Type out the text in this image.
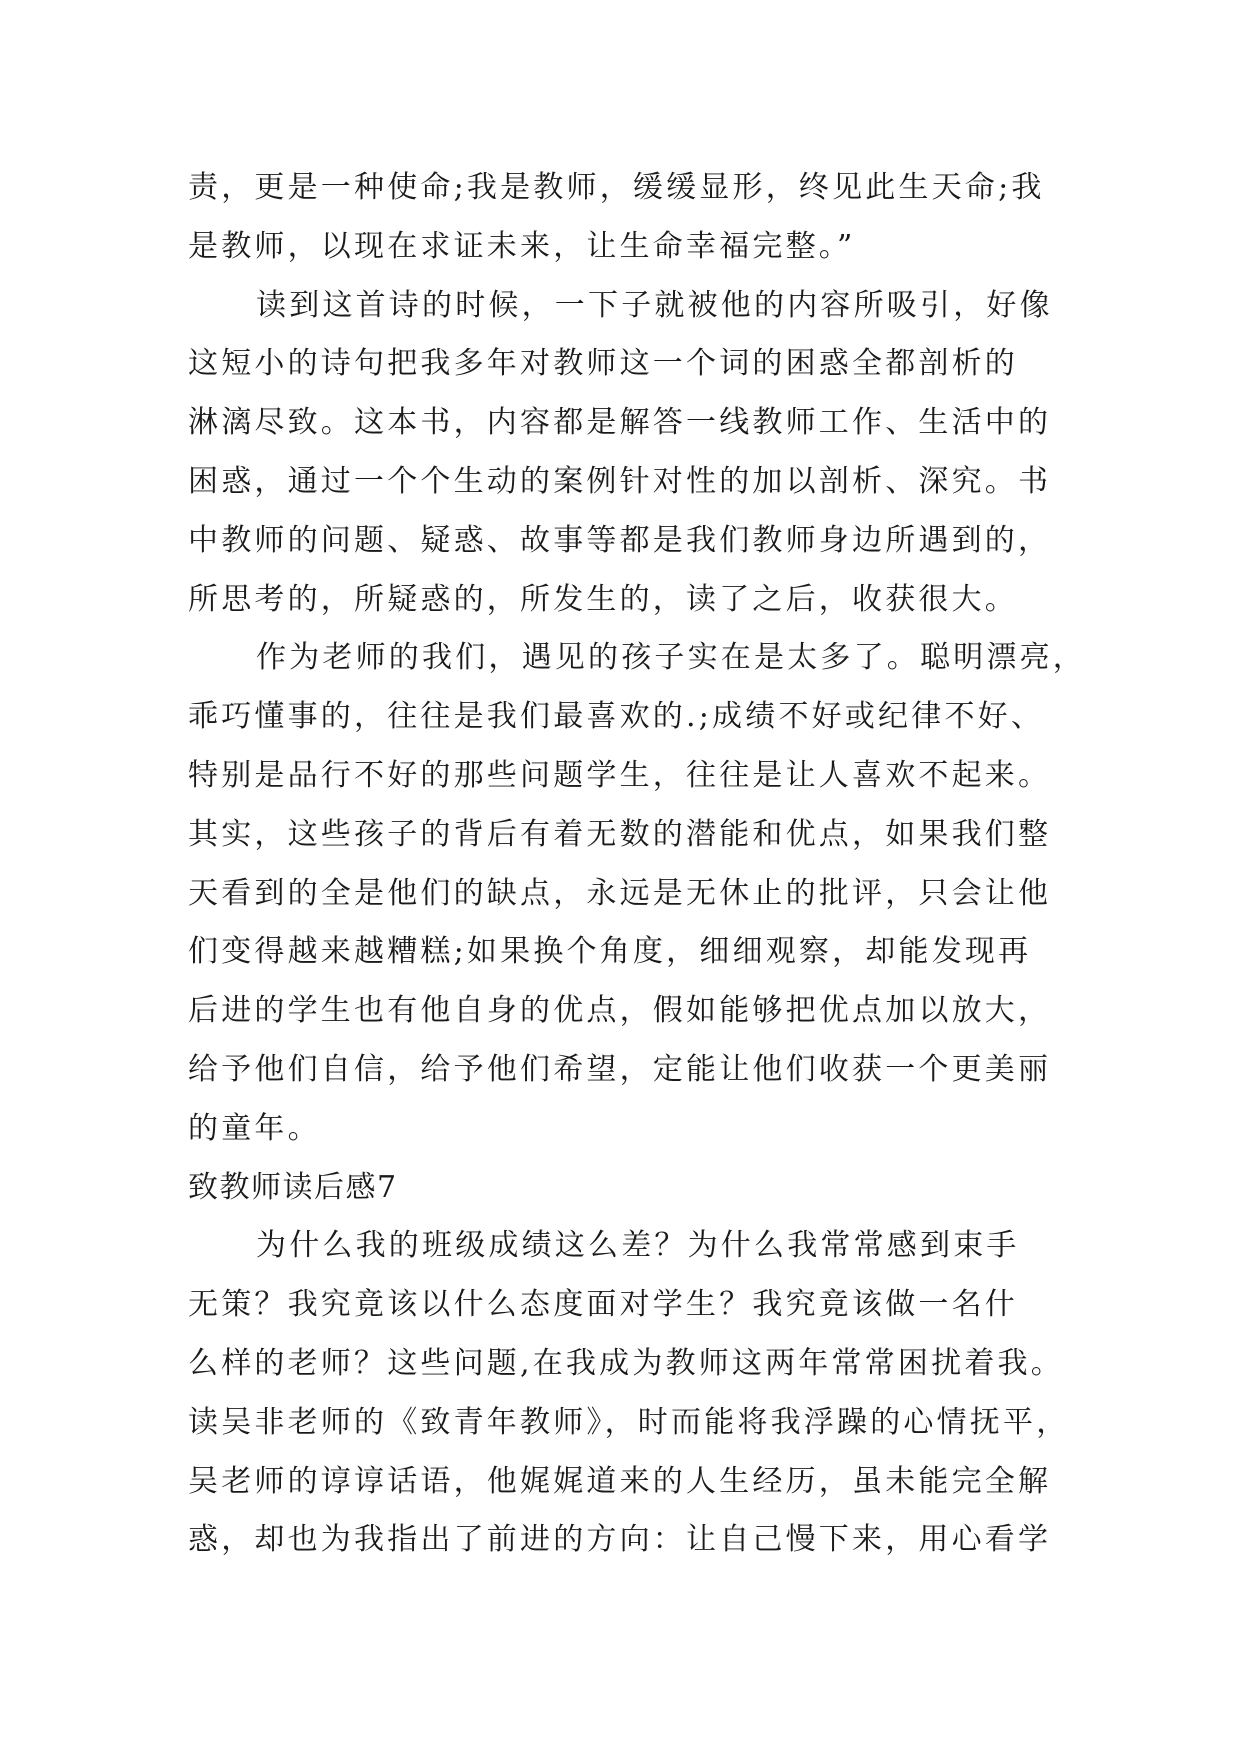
责，更是一种使命;我是教师，缓缓显形，终见此生天命;我
是教师，以现在求证未来，让生命幸福完整。”
读到这首诗的时候，一下子就被他的内容所吸引，好像
这短小的诗句把我多年对教师这一个词的困惑全都剖析的
淋漓尽致。这本书，内容都是解答一线教师工作、生活中的
困惑，通过一个个生动的案例针对性的加以剖析、深究。书
中教师的问题、疑惑、故事等都是我们教师身边所遇到的，
所思考的，所疑惑的，所发生的，读了之后，收获很大。
作为老师的我们，遇见的孩子实在是太多了。聪明漂亮，
乖巧懂事的，往往是我们最喜欢的.;成绩不好或纪律不好、
特别是品行不好的那些问题学生，往往是让人喜欢不起来。
其实，这些孩子的背后有着无数的潜能和优点，如果我们整
天看到的全是他们的缺点，永远是无休止的批评，只会让他
们变得越来越糟糕;如果换个角度，细细观察，却能发现再
后进的学生也有他自身的优点，假如能够把优点加以放大，
给予他们自信，给予他们希望，定能让他们收获一个更美丽
的童年。
致教师读后感7
为什么我的班级成绩这么差？为什么我常常感到束手
无策？我究竟该以什么态度面对学生？我究竟该做一名什
么样的老师？这些问题,在我成为教师这两年常常困扰着我。
读吴非老师的《致青年教师》，时而能将我浮躁的心情抚平，
吴老师的谆谆话语，他娓娓道来的人生经历，虽未能完全解
惑，却也为我指出了前进的方向：让自己慢下来，用心看学
